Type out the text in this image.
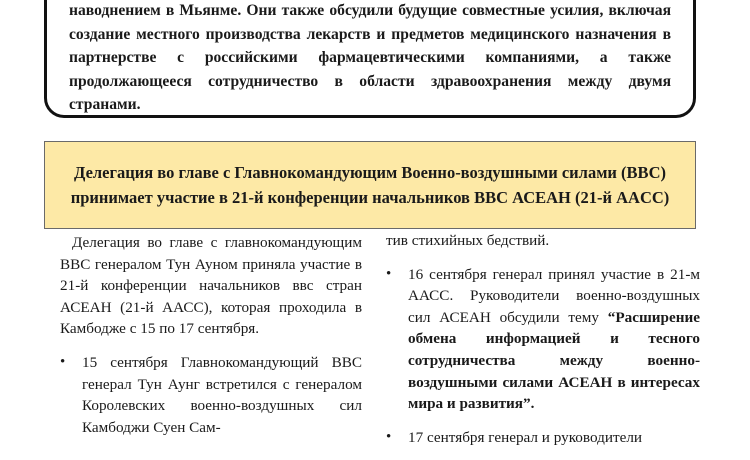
наводнением в Мьянме. Они также обсудили будущие совместные усилия, включая создание местного производства лекарств и предметов медицинского назначения в партнерстве с российскими фармацевтическими компаниями, а также продолжающееся сотрудничество в области здравоохранения между двумя странами.

Делегация во главе с Главнокомандующим Военно-воздушными силами (ВВС) принимает участие в 21-й конференции начальников ВВС АСЕАН (21-й AACC)

Делегация во главе с главнокомандующим ВВС генералом Тун Ауном приняла участие в 21-й конференции начальников ввс стран АСЕАН (21-й ААСС), которая проходила в Камбодже с 15 по 17 сентября.

• 15 сентября Главнокомандующий ВВС генерал Тун Аунг встретился с генералом Королевских военно-воздушных сил Камбоджи Суен Сам-

тив стихийных бедствий.

• 16 сентября генерал принял участие в 21-м ААСС. Руководители военно-воздушных сил АСЕАН обсудили тему “Расширение обмена информацией и тесного сотрудничества между военно-воздушными силами АСЕАН в интересах мира и развития”.

• 17 сентября генерал и руководители
